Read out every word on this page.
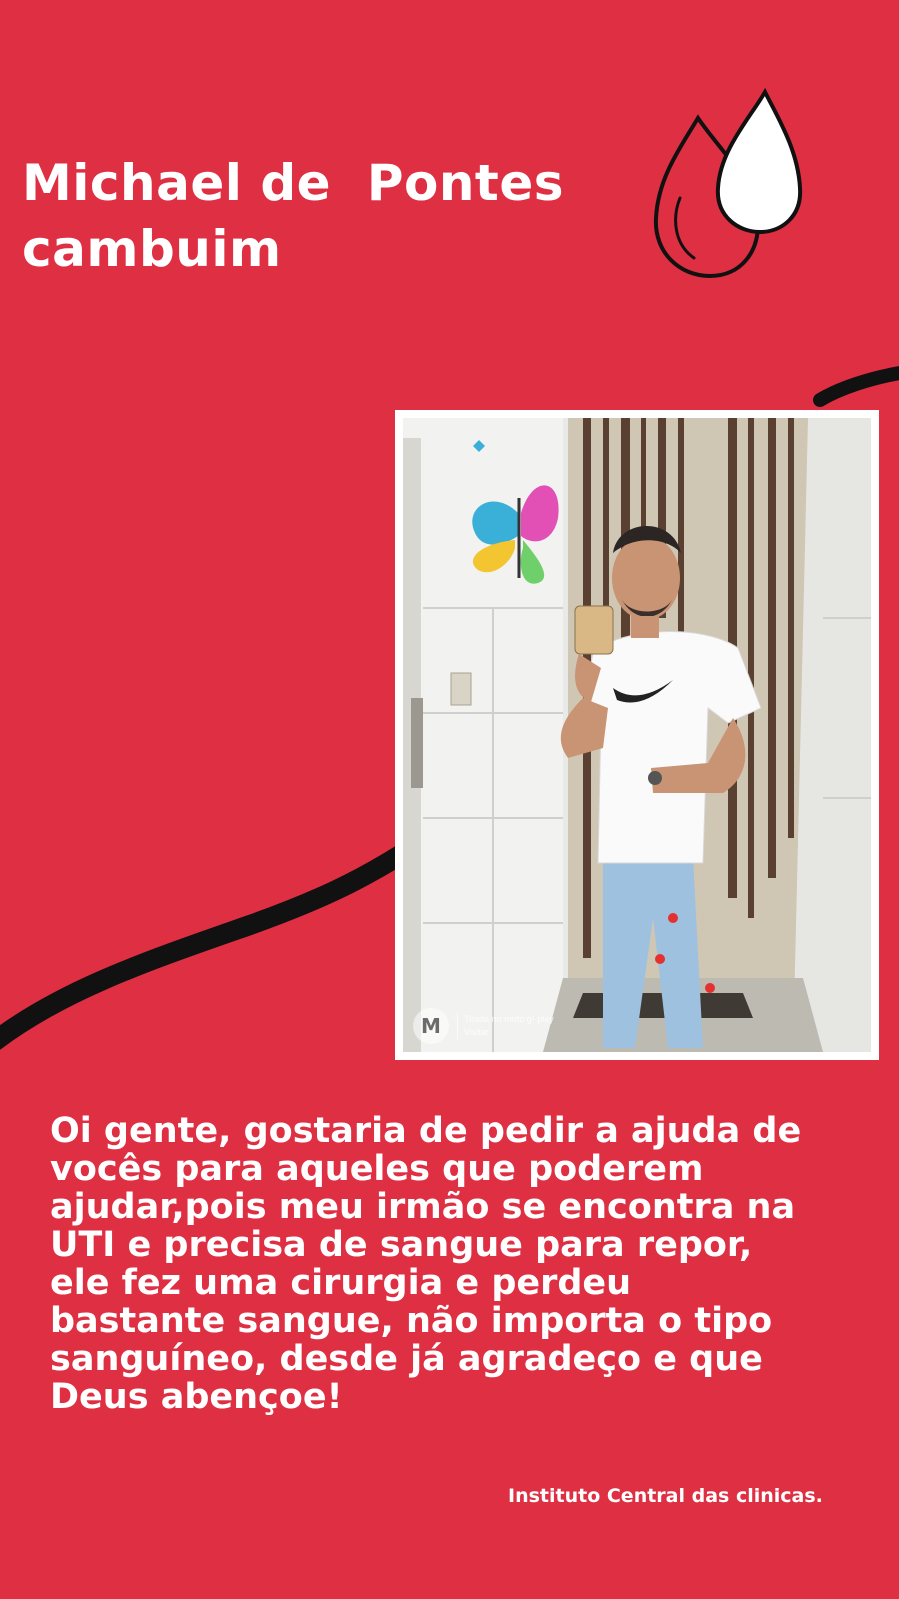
Michael de  Pontes
cambuim
M	Tirada no moto g¹ play
Visitar

Oi gente, gostaria de pedir a ajuda de
vocês para aqueles que poderem
ajudar,pois meu irmão se encontra na
UTI e precisa de sangue para repor,
ele fez uma cirurgia e perdeu
bastante sangue, não importa o tipo
sanguíneo, desde já agradeço e que
Deus abençoe!

Instituto Central das clinicas.
